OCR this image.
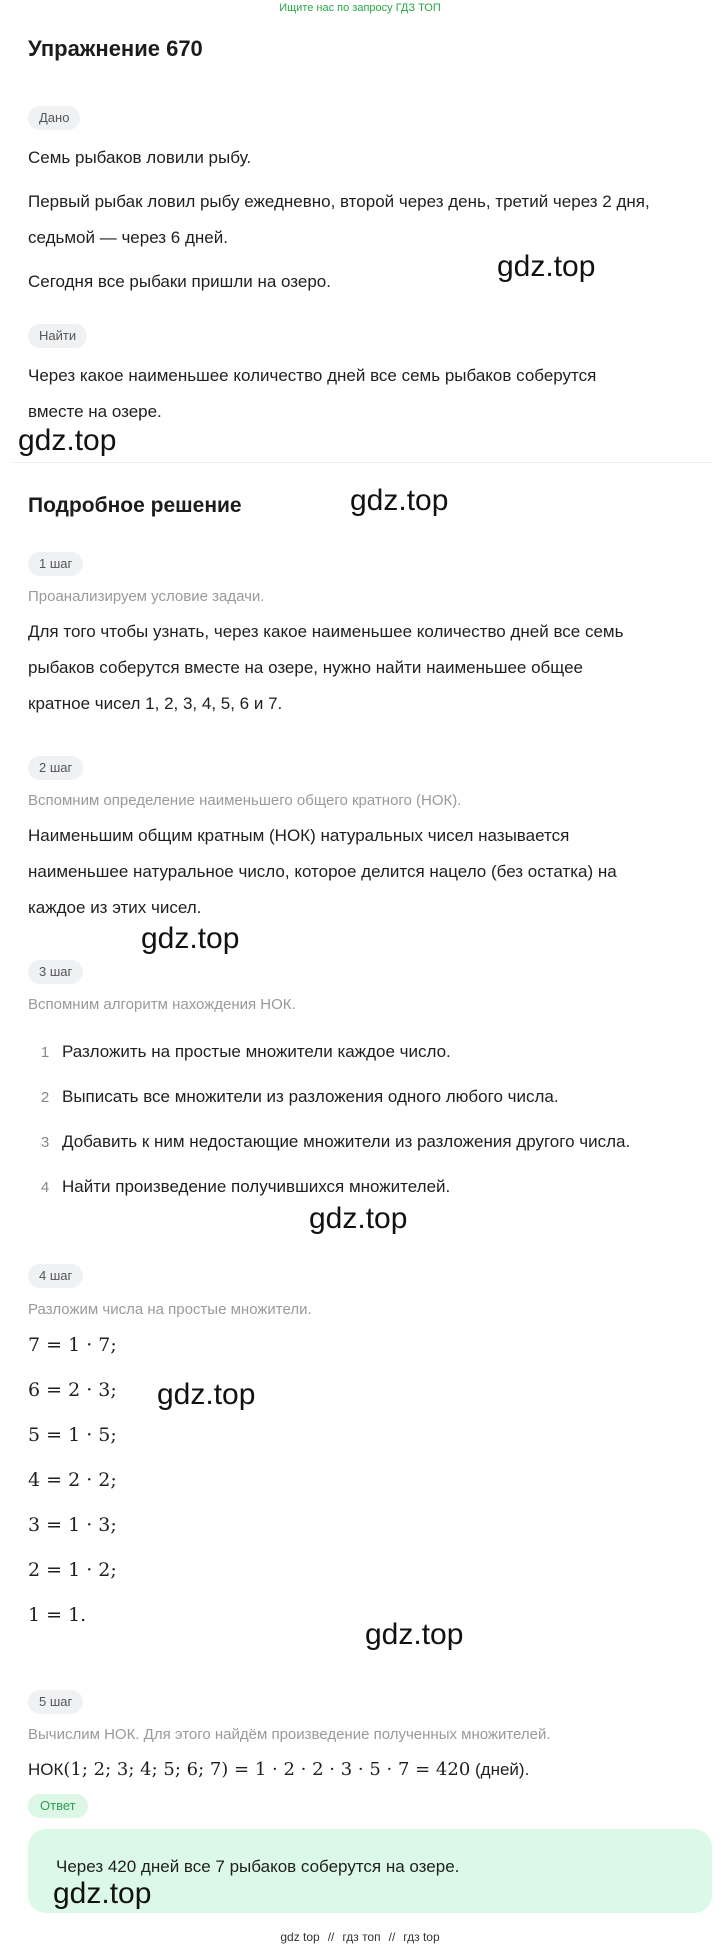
Ищите нас по запросу ГДЗ ТОП
Упражнение 670
Дано
Семь рыбаков ловили рыбу.
Первый рыбак ловил рыбу ежедневно, второй через день, третий через 2 дня,
седьмой — через 6 дней.
Сегодня все рыбаки пришли на озеро.
Найти
Через какое наименьшее количество дней все семь рыбаков соберутся
вместе на озере.
Подробное решение
1 шаг
Проанализируем условие задачи.
Для того чтобы узнать, через какое наименьшее количество дней все семь
рыбаков соберутся вместе на озере, нужно найти наименьшее общее
кратное чисел 1, 2, 3, 4, 5, 6 и 7.
2 шаг
Вспомним определение наименьшего общего кратного (НОК).
Наименьшим общим кратным (НОК) натуральных чисел называется
наименьшее натуральное число, которое делится нацело (без остатка) на
каждое из этих чисел.
3 шаг
Вспомним алгоритм нахождения НОК.
1 Разложить на простые множители каждое число.
2 Выписать все множители из разложения одного любого числа.
3 Добавить к ним недостающие множители из разложения другого числа.
4 Найти произведение получившихся множителей.
4 шаг
Разложим числа на простые множители.
7 = 1 · 7;
6 = 2 · 3;
5 = 1 · 5;
4 = 2 · 2;
3 = 1 · 3;
2 = 1 · 2;
1 = 1.
5 шаг
Вычислим НОК. Для этого найдём произведение полученных множителей.
НОК(1; 2; 3; 4; 5; 6; 7) = 1 · 2 · 2 · 3 · 5 · 7 = 420 (дней).
Ответ
Через 420 дней все 7 рыбаков соберутся на озере.
gdz.top
gdz.top
gdz.top
gdz.top
gdz.top
gdz.top
gdz.top
gdz.top
gdz top // гдз топ // гдз top
